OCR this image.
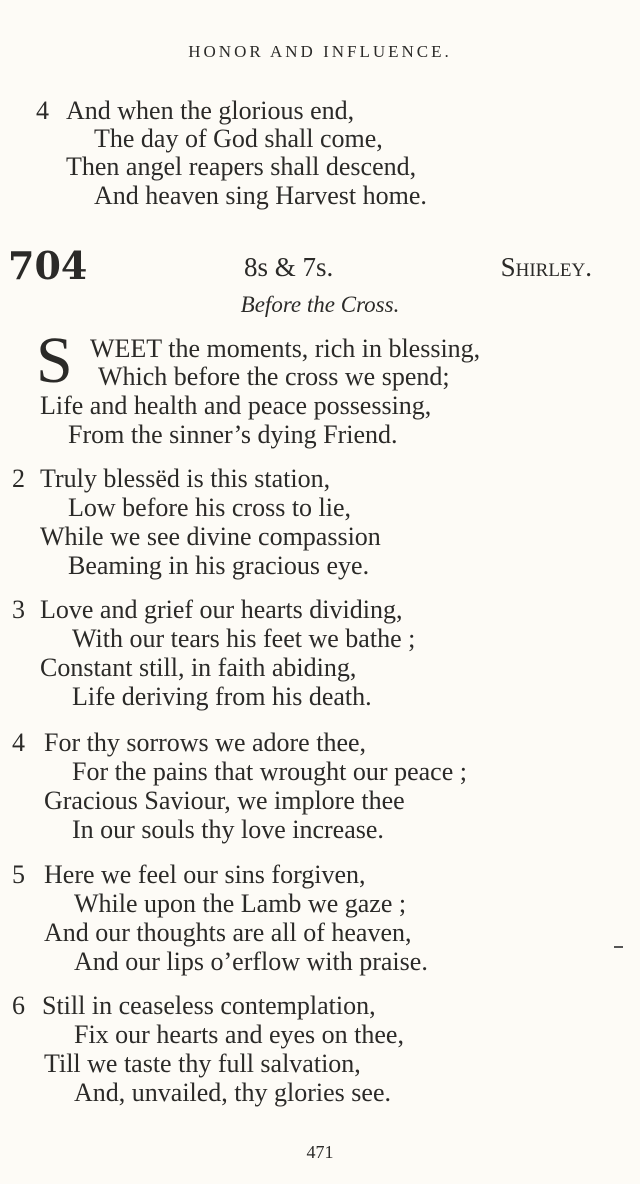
HONOR AND INFLUENCE.
4 And when the glorious end,
The day of God shall come,
Then angel reapers shall descend,
And heaven sing Harvest home.
704	8s & 7s.	Shirley.
Before the Cross.
S WEET the moments, rich in blessing,
Which before the cross we spend;
Life and health and peace possessing,
From the sinner’s dying Friend.
2 Truly blessëd is this station,
Low before his cross to lie,
While we see divine compassion
Beaming in his gracious eye.
3 Love and grief our hearts dividing,
With our tears his feet we bathe ;
Constant still, in faith abiding,
Life deriving from his death.
4 For thy sorrows we adore thee,
For the pains that wrought our peace ;
Gracious Saviour, we implore thee
In our souls thy love increase.
5 Here we feel our sins forgiven,
While upon the Lamb we gaze ;
And our thoughts are all of heaven,
And our lips o’erflow with praise.
6 Still in ceaseless contemplation,
Fix our hearts and eyes on thee,
Till we taste thy full salvation,
And, unvailed, thy glories see.
471
